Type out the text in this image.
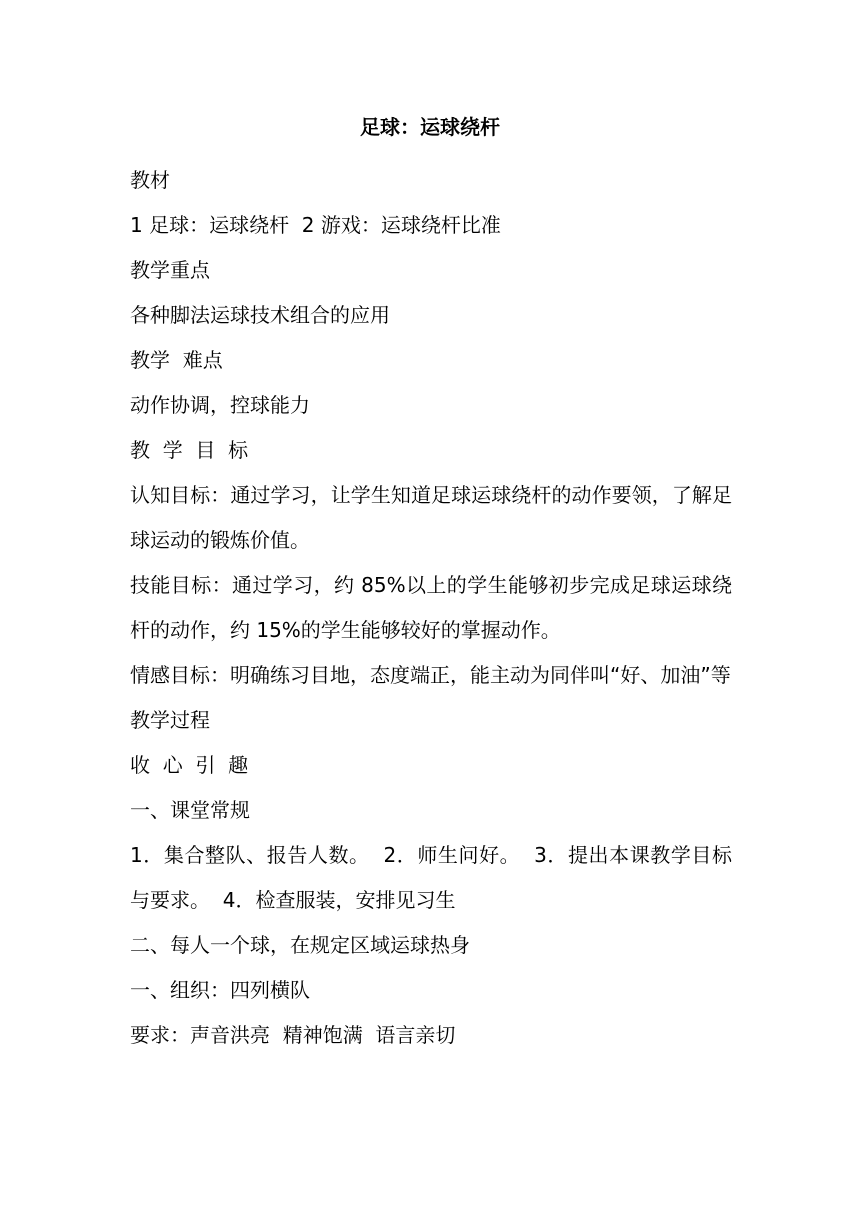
足球：运球绕杆

教材

1 足球：运球绕杆  2 游戏：运球绕杆比准

教学重点

各种脚法运球技术组合的应用

教学  难点

动作协调，控球能力

教  学  目  标

认知目标：通过学习，让学生知道足球运球绕杆的动作要领，了解足球运动的锻炼价值。

技能目标：通过学习，约 85%以上的学生能够初步完成足球运球绕杆的动作，约 15%的学生能够较好的掌握动作。

情感目标：明确练习目地，态度端正，能主动为同伴叫“好、加油”等

教学过程

收  心  引  趣

一、课堂常规

1．集合整队、报告人数。  2．师生问好。  3．提出本课教学目标与要求。  4．检查服装，安排见习生

二、每人一个球，在规定区域运球热身

一、组织：四列横队

要求：声音洪亮  精神饱满  语言亲切
